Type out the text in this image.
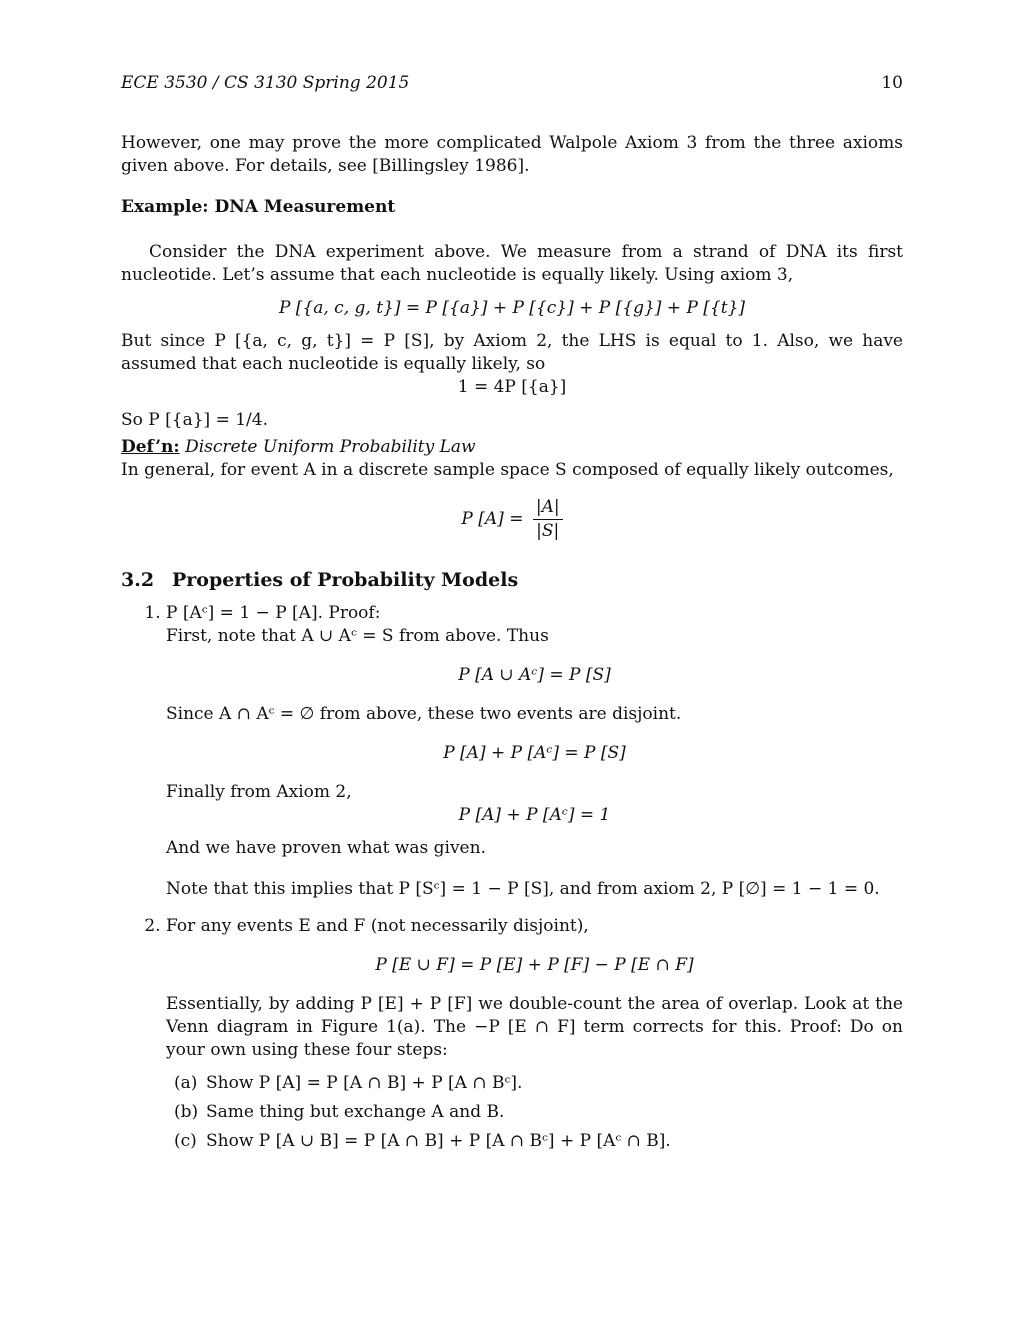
ECE 3530 / CS 3130 Spring 2015	10

However, one may prove the more complicated Walpole Axiom 3 from the three axioms given above. For details, see [Billingsley 1986].

Example: DNA Measurement

Consider the DNA experiment above. We measure from a strand of DNA its first nucleotide. Let’s assume that each nucleotide is equally likely. Using axiom 3,

P [{a, c, g, t}] = P [{a}] + P [{c}] + P [{g}] + P [{t}]

But since P [{a, c, g, t}] = P [S], by Axiom 2, the LHS is equal to 1. Also, we have assumed that each nucleotide is equally likely, so

1 = 4P [{a}]

So P [{a}] = 1/4.

Def’n: Discrete Uniform Probability Law

In general, for event A in a discrete sample space S composed of equally likely outcomes,

P $[A] = \frac{|A|}{|S|}$
3.2 Properties of Probability Models

1. P [Aᶜ] = 1 − P [A]. Proof:

First, note that A ∪ Aᶜ = S from above. Thus

P [A ∪ Aᶜ] = P [S]

Since A ∩ Aᶜ = ∅ from above, these two events are disjoint.

P [A] + P [Aᶜ] = P [S]

Finally from Axiom 2,

P [A] + P [Aᶜ] = 1

And we have proven what was given.

Note that this implies that P [Sᶜ] = 1 − P [S], and from axiom 2, P [∅] = 1 − 1 = 0.

2. For any events E and F (not necessarily disjoint),

P [E ∪ F] = P [E] + P [F] − P [E ∩ F]

Essentially, by adding P [E] + P [F] we double-count the area of overlap. Look at the Venn diagram in Figure 1(a). The −P [E ∩ F] term corrects for this. Proof: Do on your own using these four steps:

(a) Show P [A] = P [A ∩ B] + P [A ∩ Bᶜ].
(b) Same thing but exchange A and B.
(c) Show P [A ∪ B] = P [A ∩ B] + P [A ∩ Bᶜ] + P [Aᶜ ∩ B].
